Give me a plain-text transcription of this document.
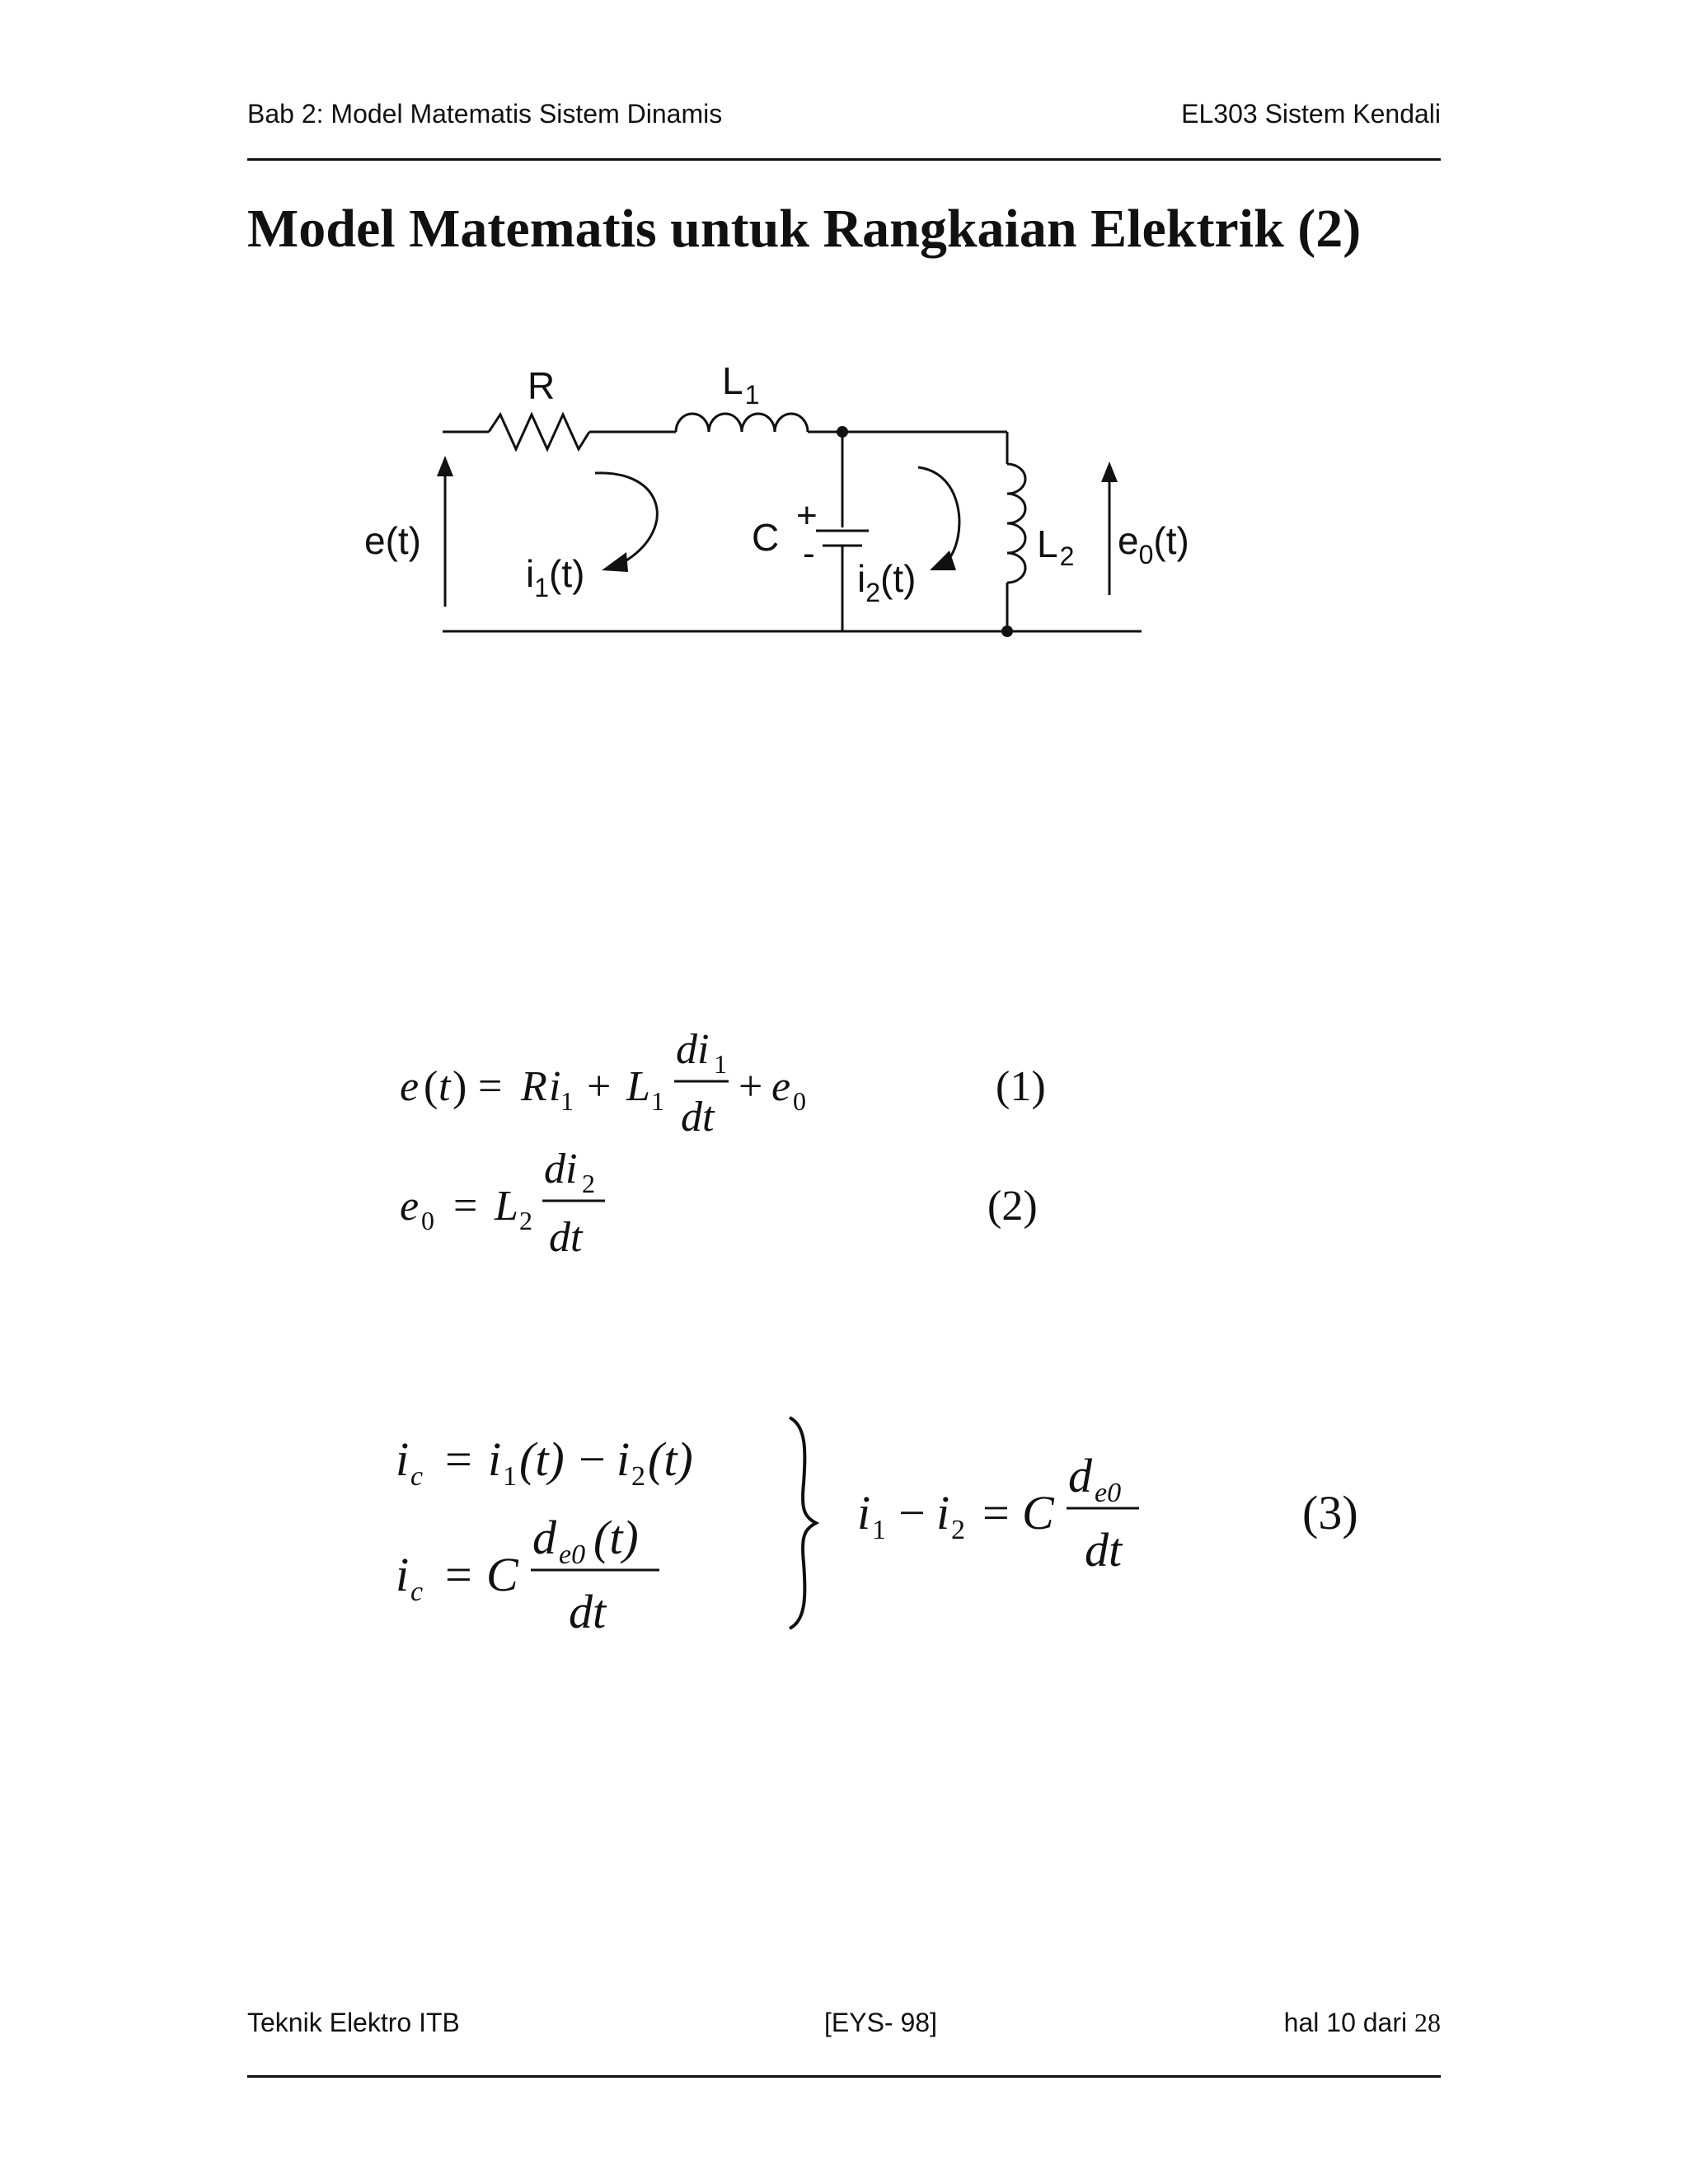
Bab 2: Model Matematis Sistem Dinamis	EL303 Sistem Kendali
Model Matematis untuk Rangkaian Elektrik (2)
R	$L_1$
e(t)
$i_1(t)$
C
+
-
$i_2(t)$
$L_2$ $e_0(t)$
e ( t ) = R i 1 + L 1
di 1
dt
+ e 0	(1)
e 0 = L 2
di 2
dt
(2)
i c = i 1 (t) − i 2 (t)
i c = C
d e0 (t)
dt
i 1 − i 2 = C
d e0
dt
(3)
Teknik Elektro ITB	[EYS- 98]	hal 10 dari 28
